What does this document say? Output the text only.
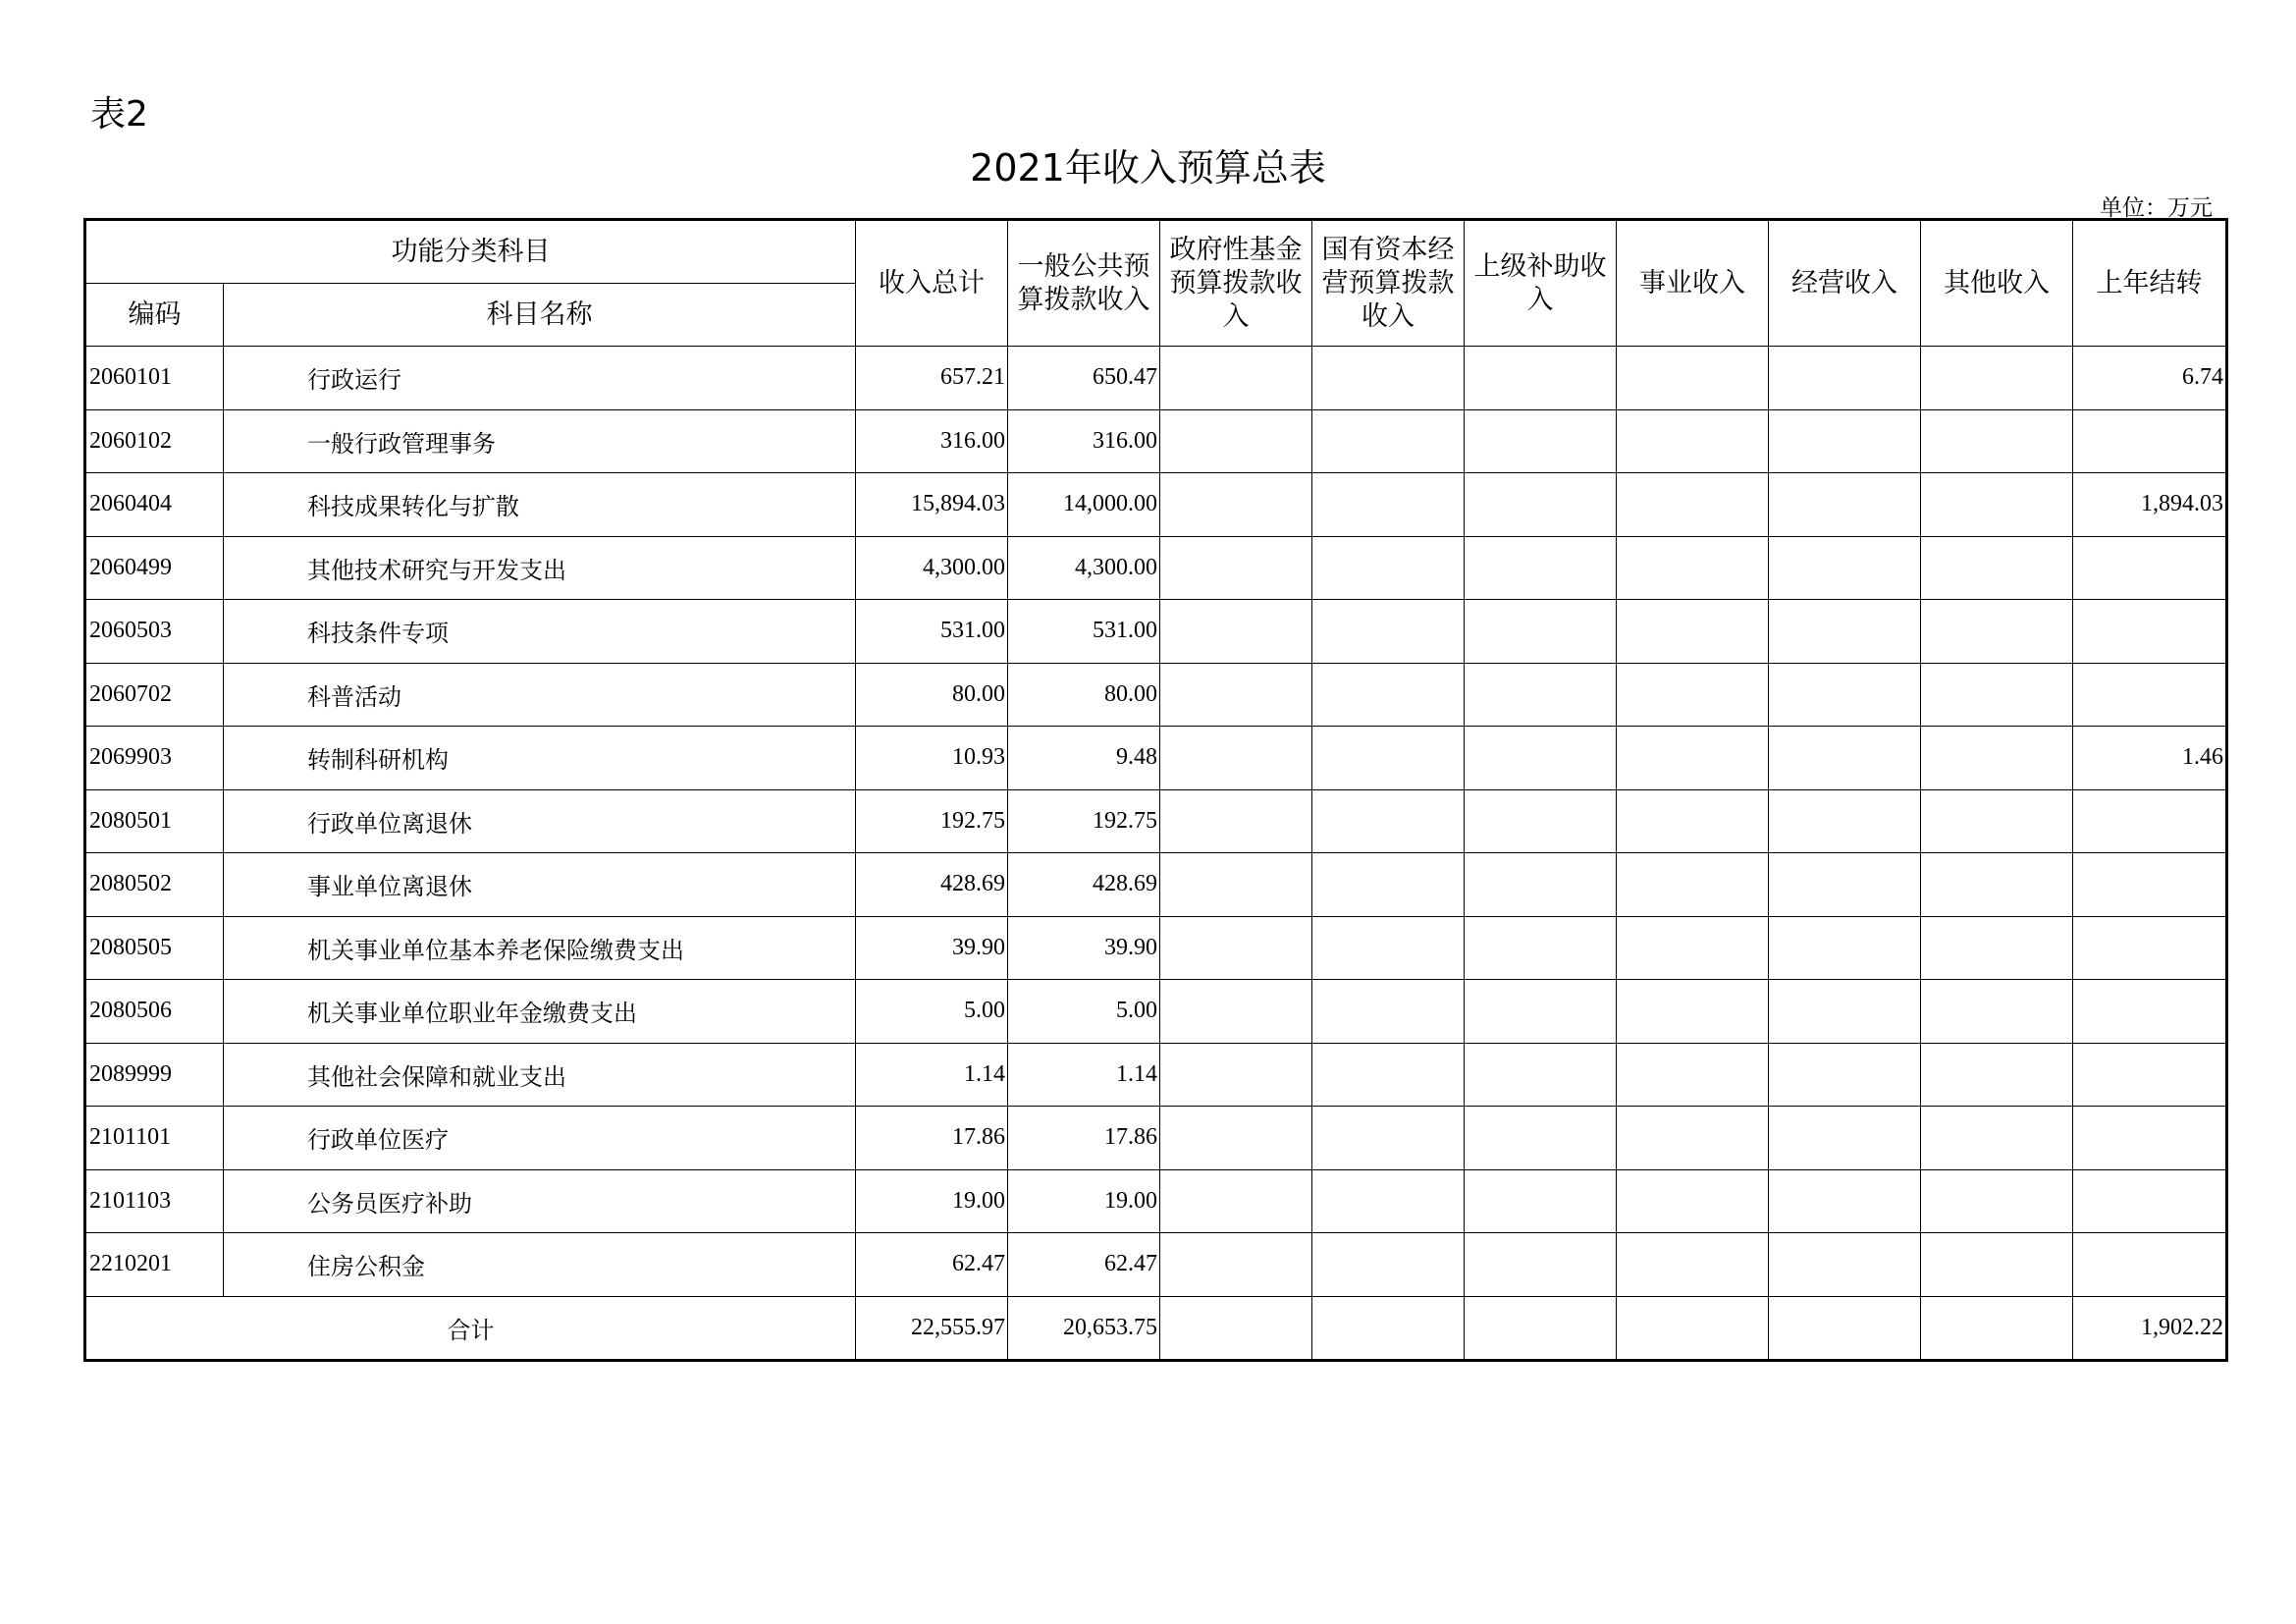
表2
2021年收入预算总表
单位：万元
功能分类科目		收入总计	一般公共预算拨款收入	政府性基金预算拨款收入	国有资本经营预算拨款收入	上级补助收入	事业收入	经营收入	其他收入	上年结转
编码	科目名称									
2060101	行政运行	657.21	650.47							6.74
2060102	一般行政管理事务	316.00	316.00							
2060404	科技成果转化与扩散	15,894.03	14,000.00							1,894.03
2060499	其他技术研究与开发支出	4,300.00	4,300.00							
2060503	科技条件专项	531.00	531.00							
2060702	科普活动	80.00	80.00							
2069903	转制科研机构	10.93	9.48							1.46
2080501	行政单位离退休	192.75	192.75							
2080502	事业单位离退休	428.69	428.69							
2080505	机关事业单位基本养老保险缴费支出	39.90	39.90							
2080506	机关事业单位职业年金缴费支出	5.00	5.00							
2089999	其他社会保障和就业支出	1.14	1.14							
2101101	行政单位医疗	17.86	17.86							
2101103	公务员医疗补助	19.00	19.00							
2210201	住房公积金	62.47	62.47							
合计		22,555.97	20,653.75							1,902.22
